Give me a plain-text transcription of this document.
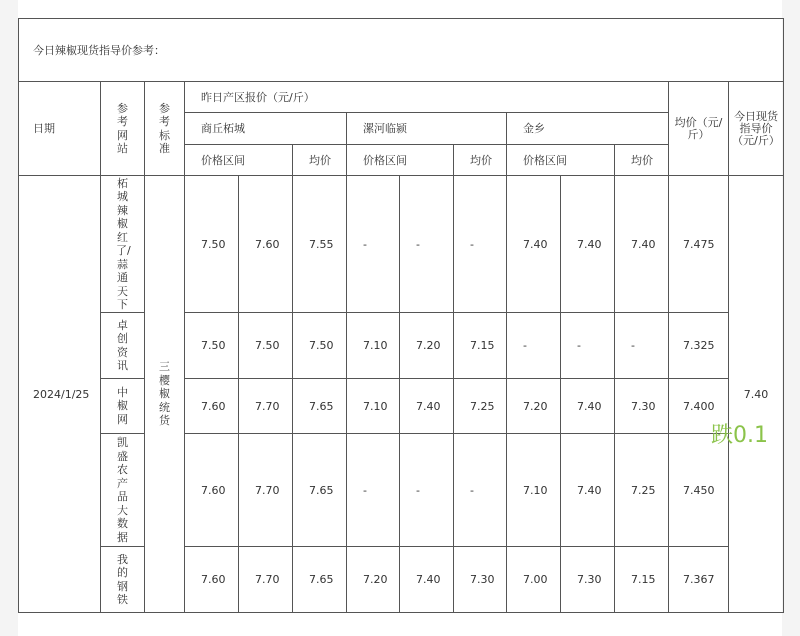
今日辣椒现货指导价参考：													
日期	参考网站	参考标准	昨日产区报价（元/斤）									均价（元/斤）	今日现货指导价（元/斤）
			商丘柘城			漯河临颍			金乡				
			价格区间		均价	价格区间		均价	价格区间		均价		
2024/1/25	柘城辣椒红了/蒜通天下	三樱椒统货	7.50	7.60	7.55	-	-	-	7.40	7.40	7.40	7.475	7.40

	卓创资讯		7.50	7.50	7.50	7.10	7.20	7.15	-	-	-	7.325	

	中椒网		7.60	7.70	7.65	7.10	7.40	7.25	7.20	7.40	7.30	7.400	

	凯盛农产品大数据		7.60	7.70	7.65	-	-	-	7.10	7.40	7.25	7.450	

	我的钢铁		7.60	7.70	7.65	7.20	7.40	7.30	7.00	7.30	7.15	7.367	
跌0.1
